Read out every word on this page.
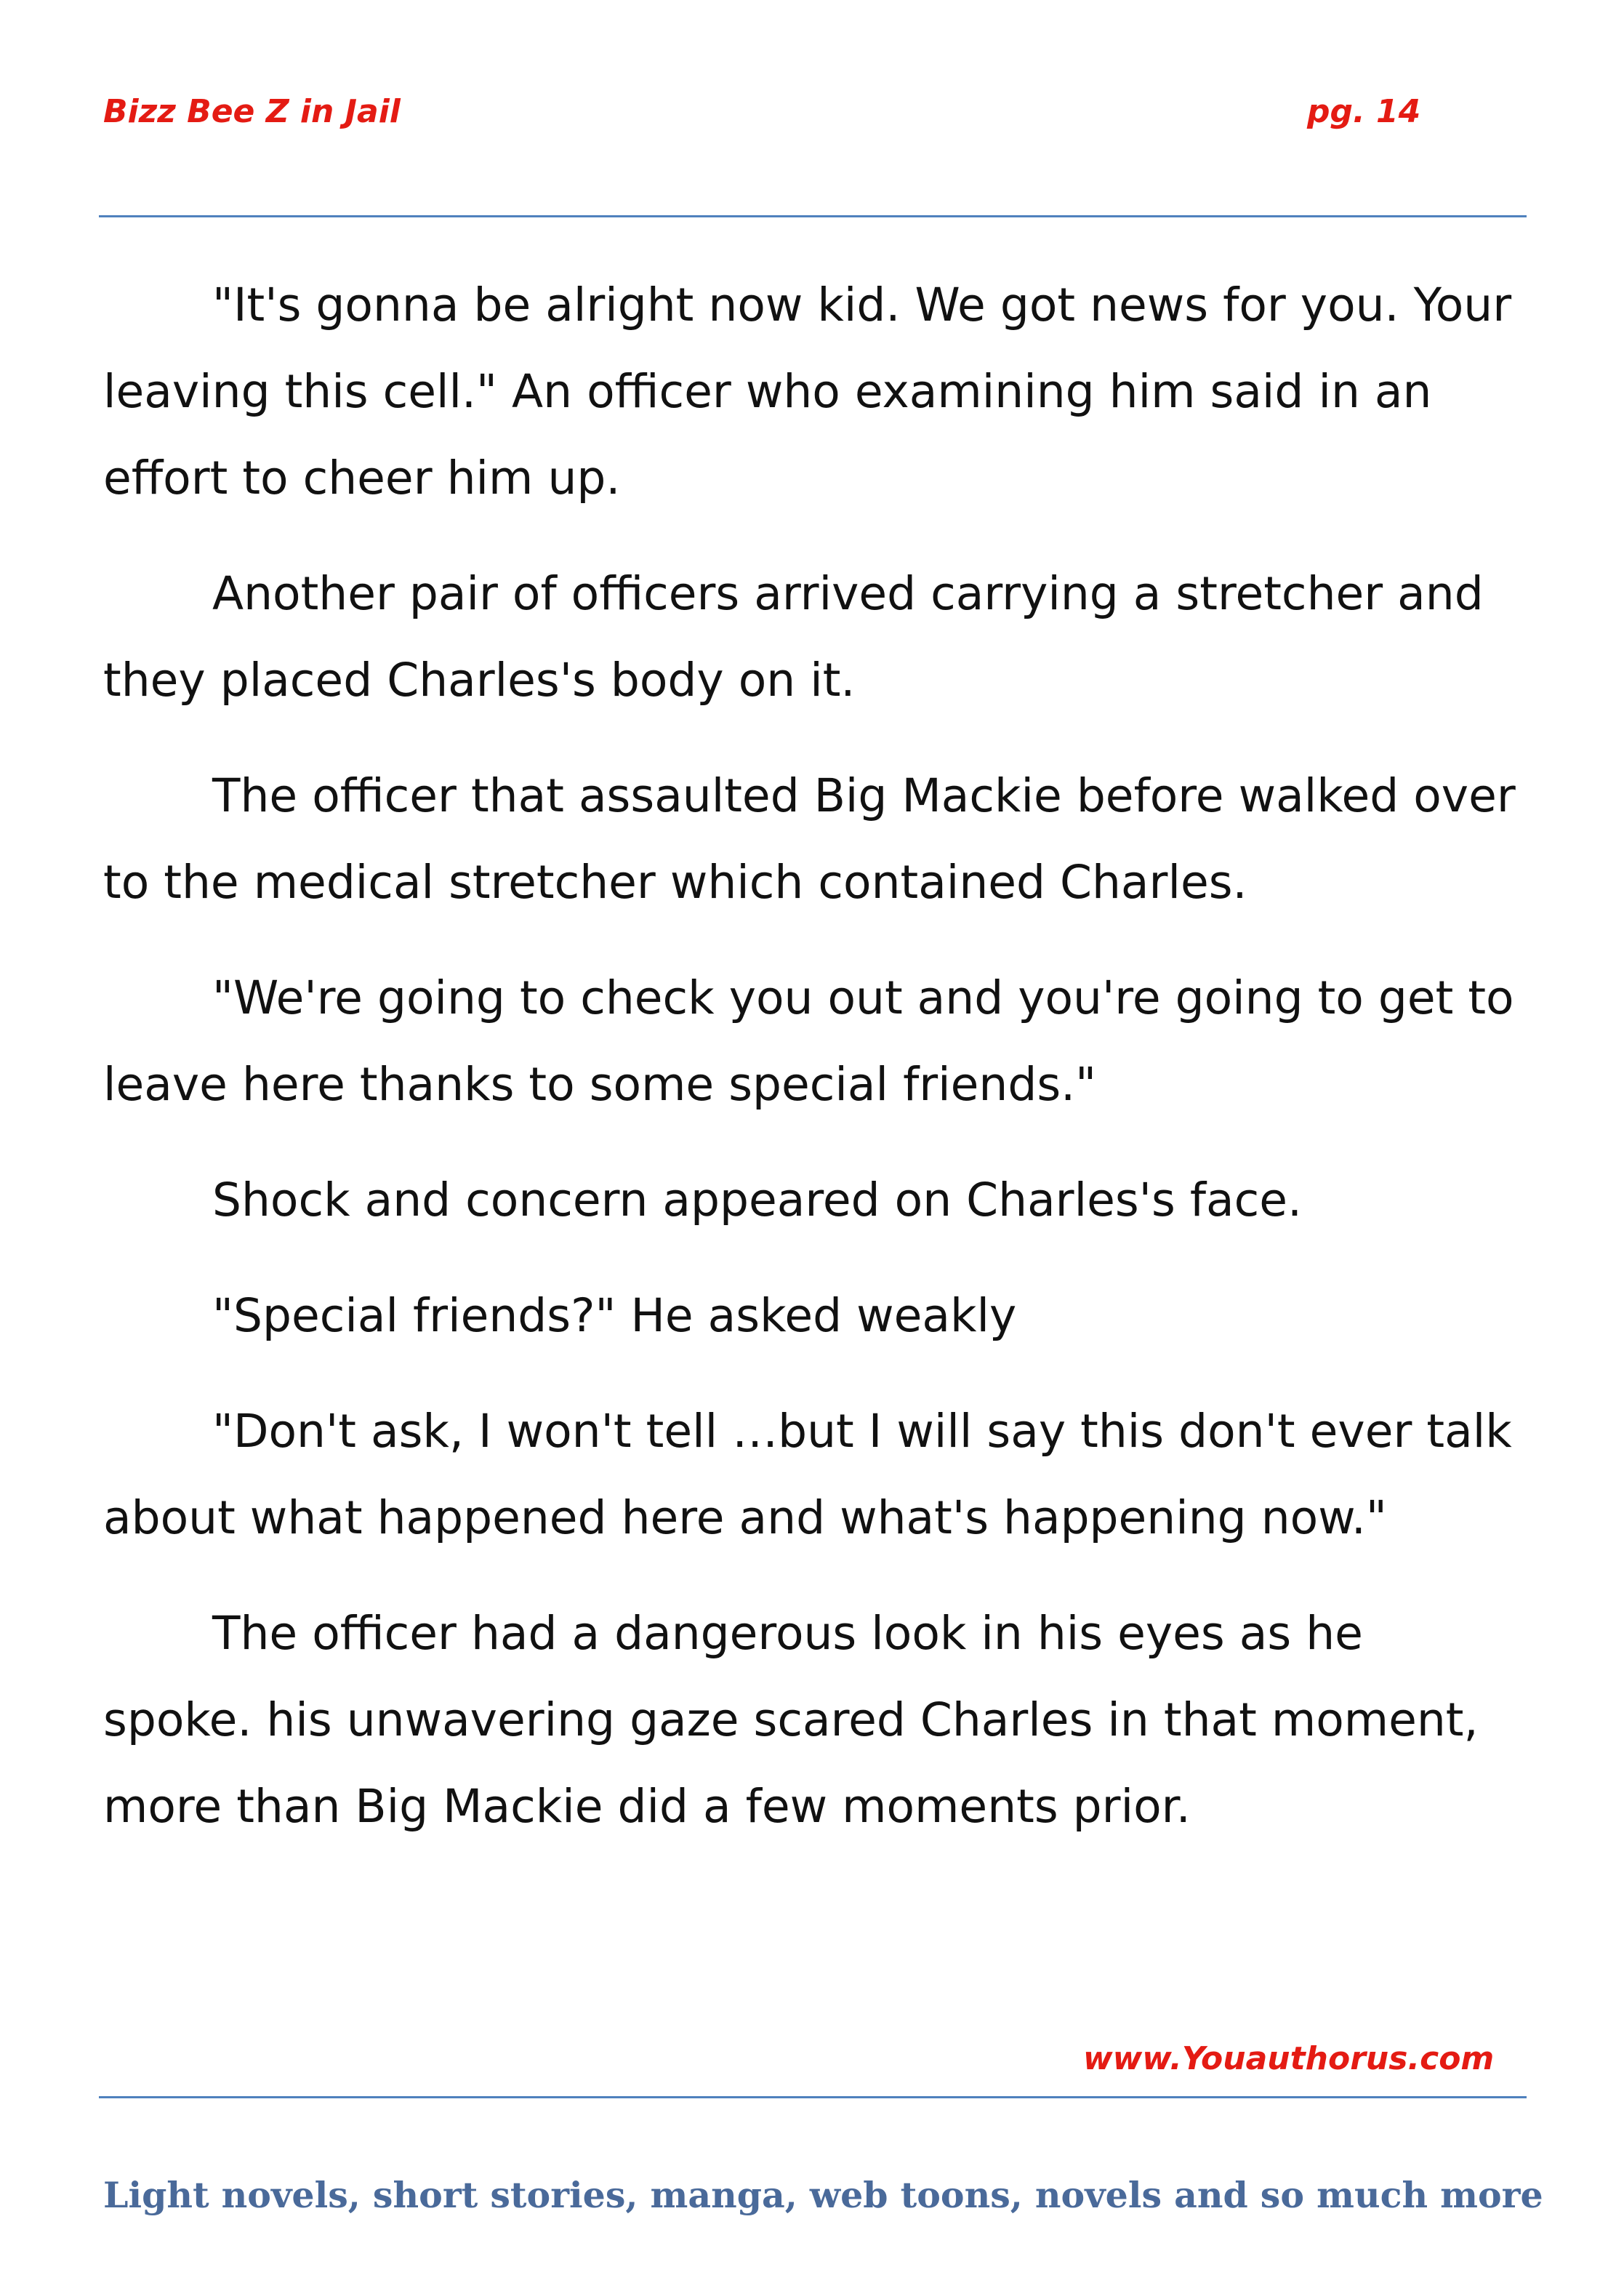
Bizz Bee Z in Jail	pg. 14

"It's gonna be alright now kid. We got news for you. Your leaving this cell." An officer who examining him said in an effort to cheer him up.

Another pair of officers arrived carrying a stretcher and they placed Charles's body on it.

The officer that assaulted Big Mackie before walked over to the medical stretcher which contained Charles.

"We're going to check you out and you're going to get to leave here thanks to some special friends."

Shock and concern appeared on Charles's face.

"Special friends?" He asked weakly

"Don't ask, I won't tell …but I will say this don't ever talk about what happened here and what's happening now."

The officer had a dangerous look in his eyes as he spoke. his unwavering gaze scared Charles in that moment, more than Big Mackie did a few moments prior.

www.Youauthorus.com
Light novels, short stories, manga, web toons, novels and so much more
